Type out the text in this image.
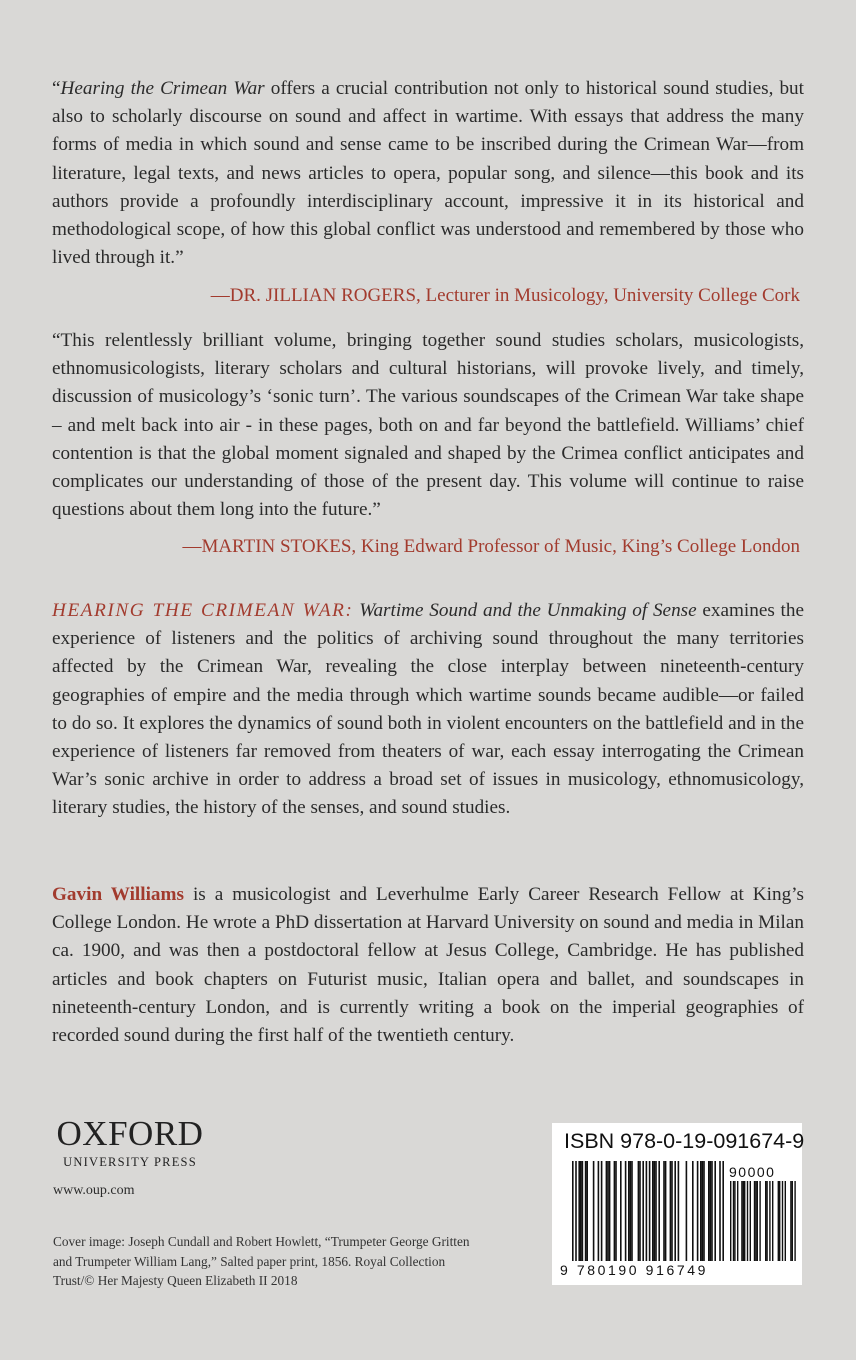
“Hearing the Crimean War offers a crucial contribution not only to historical sound studies, but also to scholarly discourse on sound and affect in wartime. With essays that address the many forms of media in which sound and sense came to be inscribed during the Crimean War—from literature, legal texts, and news articles to opera, popular song, and silence—this book and its authors provide a profoundly interdisciplinary account, impressive it in its historical and methodological scope, of how this global conflict was understood and remembered by those who lived through it.”

—DR. JILLIAN ROGERS, Lecturer in Musicology, University College Cork

“This relentlessly brilliant volume, bringing together sound studies scholars, musicologists, ethnomusicologists, literary scholars and cultural historians, will provoke lively, and timely, discussion of musicology’s ‘sonic turn’. The various soundscapes of the Crimean War take shape – and melt back into air - in these pages, both on and far beyond the battlefield. Williams’ chief contention is that the global moment signaled and shaped by the Crimea conflict anticipates and complicates our understanding of those of the present day. This volume will continue to raise questions about them long into the future.”

—MARTIN STOKES, King Edward Professor of Music, King’s College London

HEARING THE CRIMEAN WAR: Wartime Sound and the Unmaking of Sense examines the experience of listeners and the politics of archiving sound throughout the many territories affected by the Crimean War, revealing the close interplay between nineteenth-century geographies of empire and the media through which wartime sounds became audible—or failed to do so. It explores the dynamics of sound both in violent encounters on the battlefield and in the experience of listeners far removed from theaters of war, each essay interrogating the Crimean War’s sonic archive in order to address a broad set of issues in musicology, ethnomusicology, literary studies, the history of the senses, and sound studies.

Gavin Williams is a musicologist and Leverhulme Early Career Research Fellow at King’s College London. He wrote a PhD dissertation at Harvard University on sound and media in Milan ca. 1900, and was then a postdoctoral fellow at Jesus College, Cambridge. He has published articles and book chapters on Futurist music, Italian opera and ballet, and soundscapes in nineteenth-century London, and is currently writing a book on the imperial geographies of recorded sound during the first half of the twentieth century.

OXFORD
UNIVERSITY PRESS
www.oup.com
Cover image: Joseph Cundall and Robert Howlett, “Trumpeter George Gritten and Trumpeter William Lang,” Salted paper print, 1856. Royal Collection Trust/© Her Majesty Queen Elizabeth II 2018
ISBN 978-0-19-091674-9
90000
9 780190 916749
